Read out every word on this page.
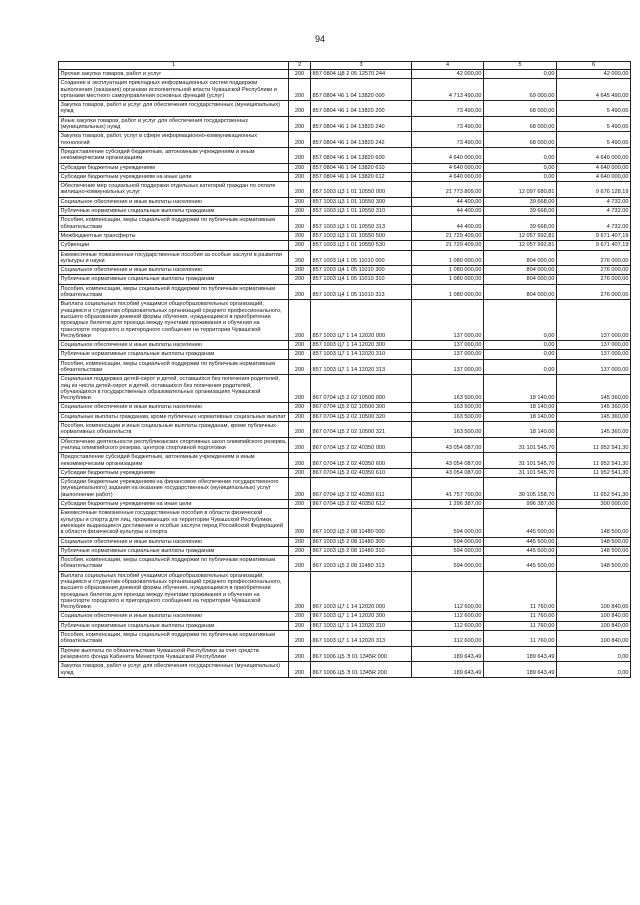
94
1	2	3	4	5	6
Прочая закупка товаров, работ и услуг	200	857 0804 Ц8 2 05 12570 244	42 000,00	0,00	42 000,00
Создание и эксплуатация прикладных информационных систем поддержки выполнения (оказания) органами исполнительной власти Чувашской Республики и органами местного самоуправления основных функций (услуг)	200	857 0804 Ч6 1 04 13820 000	4 713 490,00	69 000,00	4 645 490,00
Закупка товаров, работ и услуг для обеспечения государственных (муниципальных) нужд	200	857 0804 Ч6 1 04 13820 200	73 490,00	68 000,00	5 490,00
Иные закупки товаров, работ и услуг для обеспечения государственных (муниципальных) нужд	200	857 0804 Ч6 1 04 13820 240	73 490,00	68 000,00	5 490,00
Закупка товаров, работ, услуг в сфере информационно-коммуникационных технологий	200	857 0804 Ч6 1 04 13820 242	73 490,00	68 000,00	5 490,00
Предоставление субсидий бюджетным, автономным учреждениям и иным некоммерческим организациям	200	857 0804 Ч6 1 04 13820 600	4 640 000,00	0,00	4 640 000,00
Субсидии бюджетным учреждениям	200	857 0804 Ч6 1 04 13820 610	4 640 000,00	0,00	4 640 000,00
Субсидии бюджетным учреждениям на иные цели	200	857 0804 Ч6 1 04 13820 612	4 640 000,00	0,00	4 640 000,00
Обеспечение мер социальной поддержки отдельных категорий граждан по оплате жилищно-коммунальных услуг	200	857 1003 Ц3 1 01 10550 000	21 773 809,00	12 097 680,81	9 676 128,19
Социальное обеспечение и иные выплаты населению	200	857 1003 Ц3 1 01 10550 300	44 400,00	39 668,00	4 732,00
Публичные нормативные социальные выплаты гражданам	200	857 1003 Ц3 1 01 10550 310	44 400,00	39 668,00	4 732,00
Пособия, компенсации, меры социальной поддержки по публичным нормативным обязательствам	200	857 1003 Ц3 1 01 10550 313	44 400,00	39 668,00	4 732,00
Межбюджетные трансферты	200	857 1003 Ц3 1 01 10550 500	21 729 409,00	12 057 992,81	9 671 407,19
Субвенции	200	857 1003 Ц3 1 01 10550 530	21 729 409,00	12 057 992,81	9 671 407,19
Ежемесячные пожизненные государственные пособия за особые заслуги в развитии культуры и науки	200	857 1003 Ц4 1 05 11010 000	1 080 000,00	804 000,00	276 000,00
Социальное обеспечение и иные выплаты населению	200	857 1003 Ц4 1 05 11010 300	1 080 000,00	804 000,00	276 000,00
Публичные нормативные социальные выплаты гражданам	200	857 1003 Ц4 1 05 11010 310	1 080 000,00	804 000,00	276 000,00
Пособия, компенсации, меры социальной поддержки по публичным нормативным обязательствам	200	857 1003 Ц4 1 05 11010 313	1 080 000,00	804 000,00	276 000,00
Выплата социальных пособий учащимся общеобразовательных организаций, учащимся и студентам образовательных организаций среднего профессионального, высшего образования дневной формы обучения, нуждающимся в приобретении проездных билетов для проезда между пунктами проживания и обучения на транспорте городского и пригородного сообщения на территории Чувашской Республики	200	857 1003 Ц7 1 14 12020 000	137 000,00	0,00	137 000,00
Социальное обеспечение и иные выплаты населению	200	857 1003 Ц7 1 14 12020 300	137 000,00	0,00	137 000,00
Публичные нормативные социальные выплаты гражданам	200	857 1003 Ц7 1 14 12020 310	137 000,00	0,00	137 000,00
Пособия, компенсации, меры социальной поддержки по публичным нормативным обязательствам	200	857 1003 Ц7 1 14 12020 313	137 000,00	0,00	137 000,00
Социальная поддержка детей-сирот и детей, оставшихся без попечения родителей, лиц из числа детей-сирот и детей, оставшихся без попечения родителей, обучающихся в государственных образовательных организациях Чувашской Республики	200	867 0704 Ц5 2 02 10500 000	163 500,00	18 140,00	145 360,00
Социальное обеспечение и иные выплаты населению	200	867 0704 Ц5 2 02 10500 300	163 500,00	18 140,00	145 360,00
Социальные выплаты гражданам, кроме публичных нормативных социальных выплат	200	867 0704 Ц5 2 02 10500 320	163 500,00	18 140,00	145 360,00
Пособия, компенсации и иные социальные выплаты гражданам, кроме публичных нормативных обязательств	200	867 0704 Ц5 2 02 10500 321	163 500,00	18 140,00	145 360,00
Обеспечение деятельности республиканских спортивных школ олимпийского резерва, училищ олимпийского резерва, центров спортивной подготовки	200	867 0704 Ц5 2 02 40350 000	43 054 087,00	31 101 545,70	11 952 541,30
Предоставление субсидий бюджетным, автономным учреждениям и иным некоммерческим организациям	200	867 0704 Ц5 2 02 40350 600	43 054 087,00	31 101 545,70	11 952 541,30
Субсидии бюджетным учреждениям	200	867 0704 Ц5 2 02 40350 610	43 054 087,00	31 101 545,70	11 952 541,30
Субсидии бюджетным учреждениям на финансовое обеспечение государственного (муниципального) задания на оказание государственных (муниципальных) услуг (выполнение работ)	200	867 0704 Ц5 2 02 40350 611	41 757 700,00	30 105 158,70	11 652 541,30
Субсидии бюджетным учреждениям на иные цели	200	867 0704 Ц5 2 02 40350 612	1 296 387,00	996 387,00	300 000,00
Ежемесячные пожизненные государственные пособия в области физической культуры и спорта для лиц, проживающих на территории Чувашской Республики, имеющих выдающиеся достижения и особые заслуги перед Российской Федерацией в области физической культуры и спорта	200	867 1003 Ц5 2 08 11480 000	594 000,00	445 500,00	148 500,00
Социальное обеспечение и иные выплаты населению	200	867 1003 Ц5 2 08 11480 300	594 000,00	445 500,00	148 500,00
Публичные нормативные социальные выплаты гражданам	200	867 1003 Ц5 2 08 11480 310	594 000,00	445 500,00	148 500,00
Пособия, компенсации, меры социальной поддержки по публичным нормативным обязательствам	200	867 1003 Ц5 2 08 11480 313	594 000,00	445 500,00	148 500,00
Выплата социальных пособий учащимся общеобразовательных организаций, учащимся и студентам образовательных организаций среднего профессионального, высшего образования дневной формы обучения, нуждающимся в приобретении проездных билетов для проезда между пунктами проживания и обучения на транспорте городского и пригородного сообщения на территории Чувашской Республики	200	867 1003 Ц7 1 14 12020 000	112 600,00	11 760,00	100 840,00
Социальное обеспечение и иные выплаты населению	200	867 1003 Ц7 1 14 12020 300	112 600,00	11 760,00	100 840,00
Публичные нормативные социальные выплаты гражданам	200	867 1003 Ц7 1 14 12020 310	112 600,00	11 760,00	100 840,00
Пособия, компенсации, меры социальной поддержки по публичным нормативным обязательствам	200	867 1003 Ц7 1 14 12020 313	112 600,00	11 760,00	100 840,00
Прочие выплаты по обязательствам Чувашской Республики за счет средств резервного фонда Кабинета Министров Чувашской Республики	200	867 1006 Ц5 Э 01 1345R 000	189 643,49	189 643,49	0,00
Закупка товаров, работ и услуг для обеспечения государственных (муниципальных) нужд	200	867 1006 Ц5 Э 01 1345R 200	189 643,49	189 643,49	0,00
